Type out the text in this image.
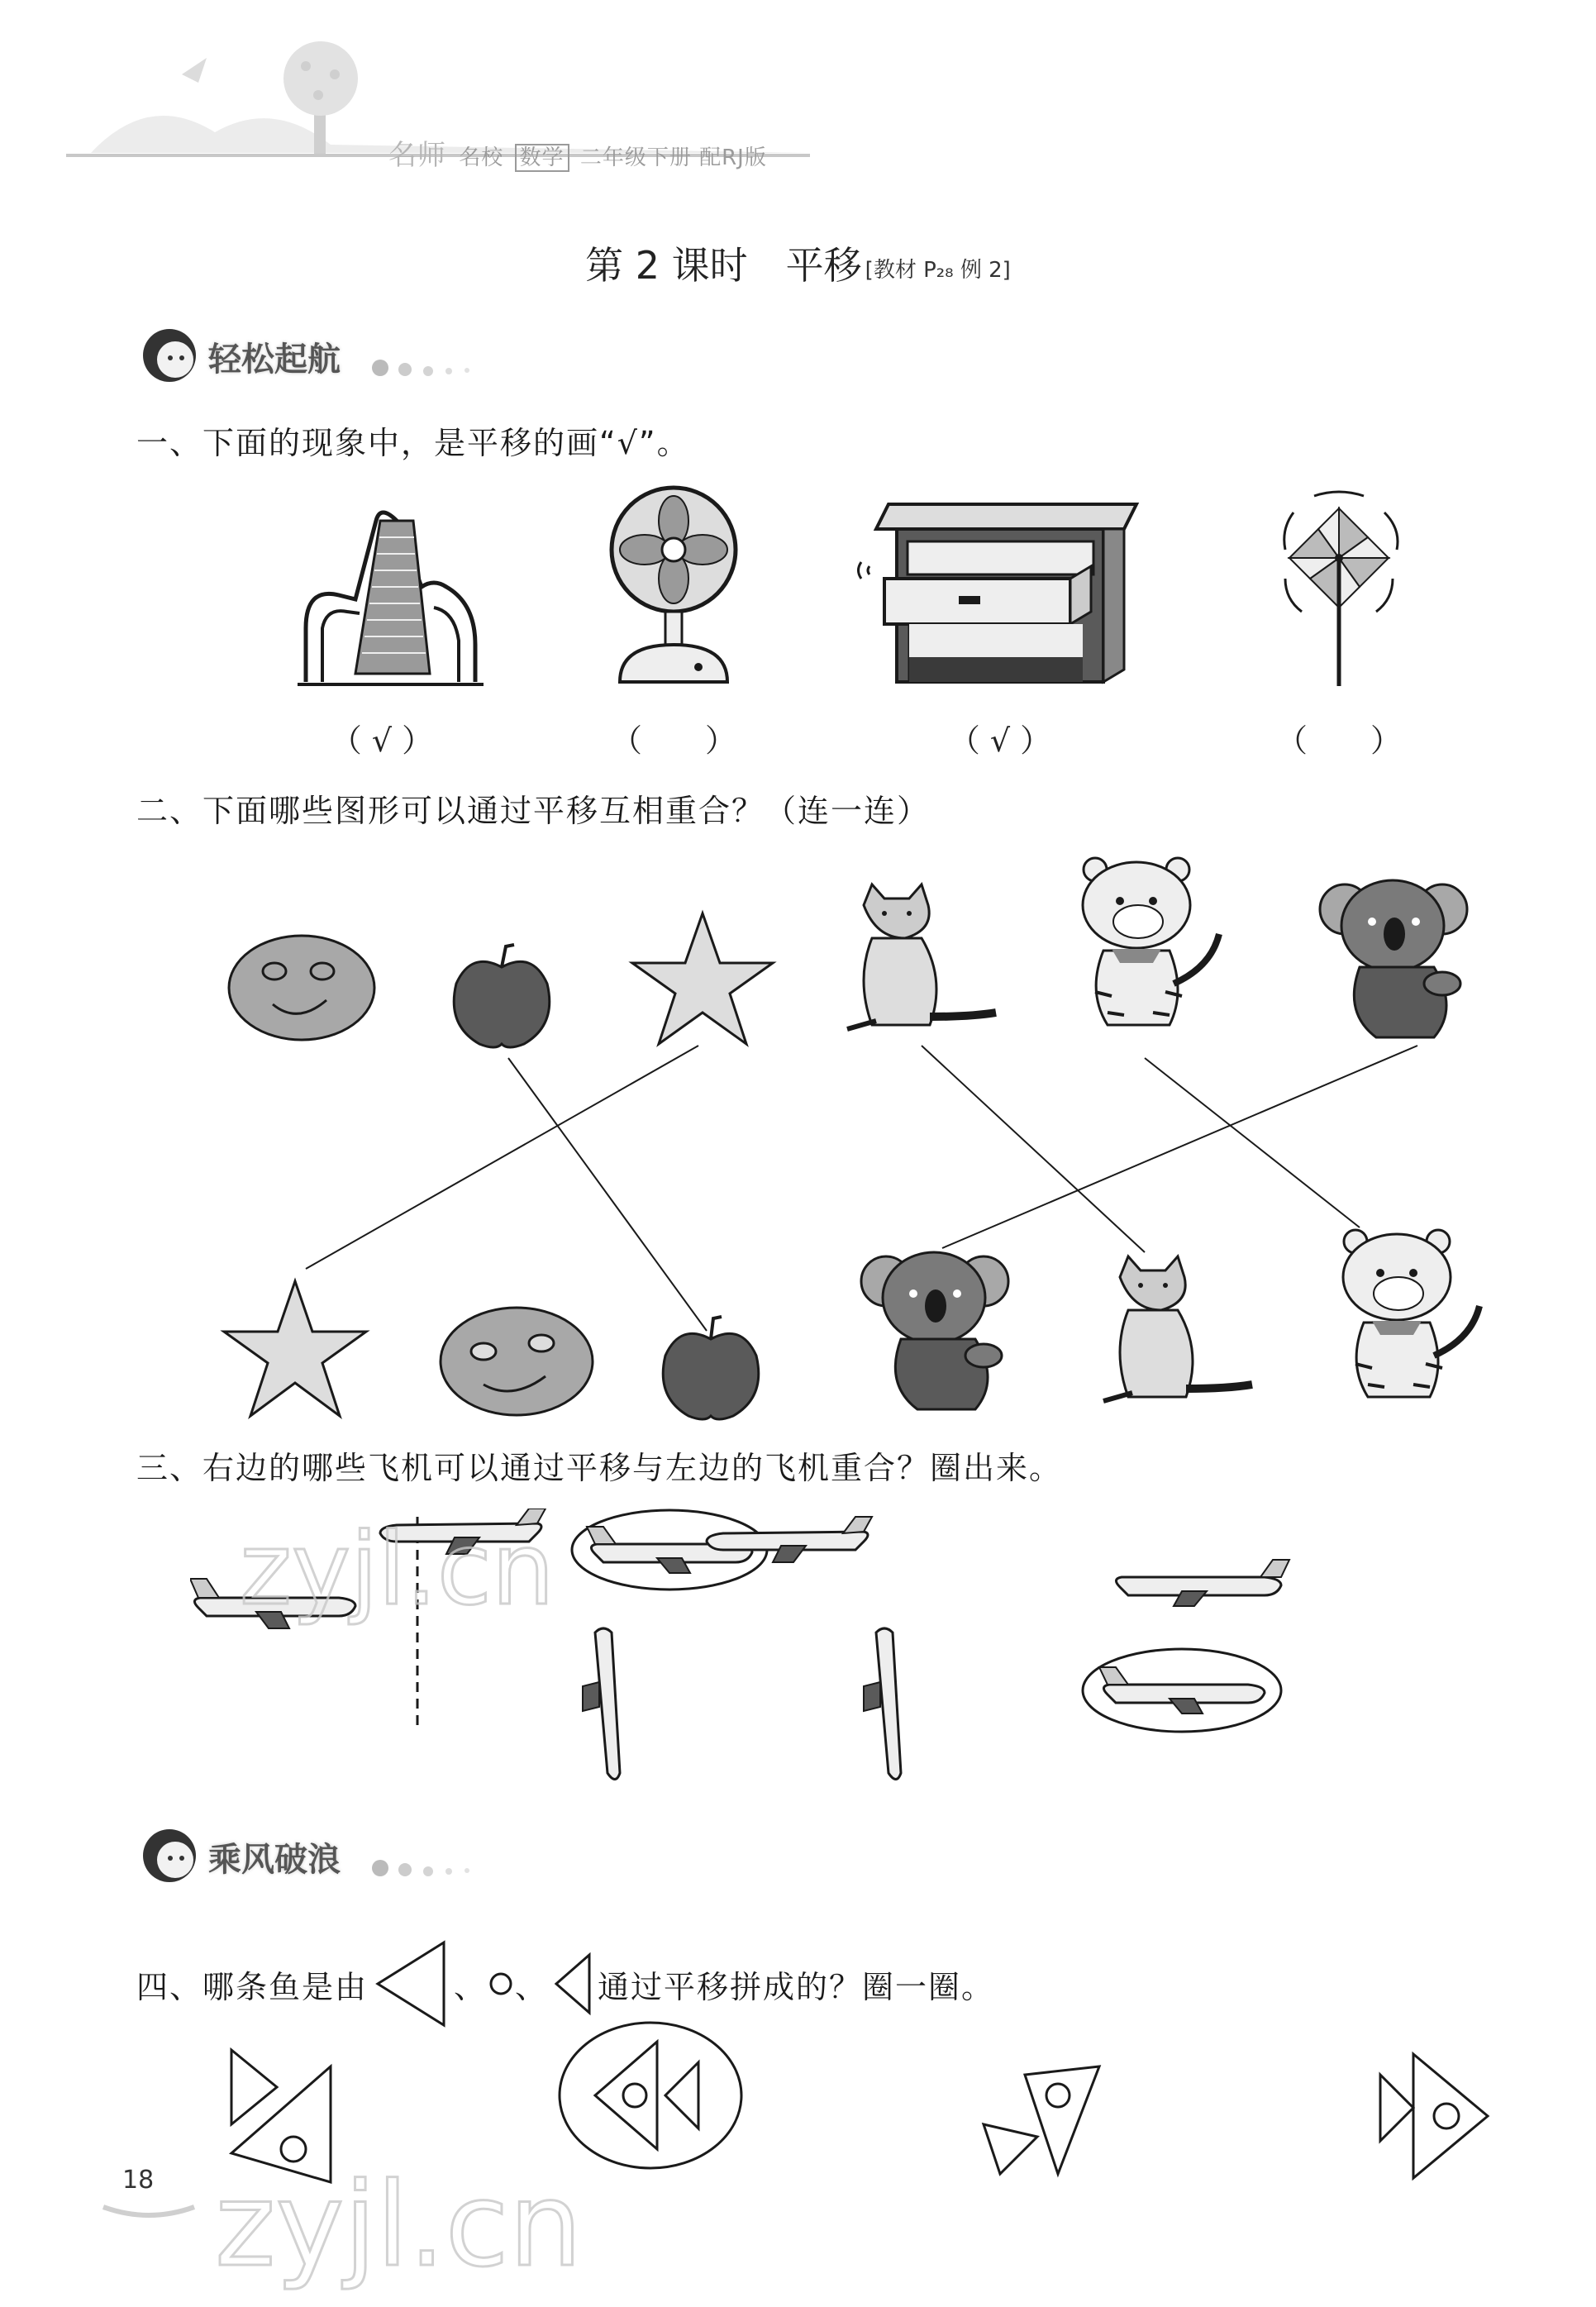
名师 名校 数学 二年级下册 配RJ版
第 2 课时　平移 [教材 P₂₈ 例 2]
轻松起航
一、下面的现象中，是平移的画“√”。
（ √ ）	（　　）	（ √ ）	（　　）
二、下面哪些图形可以通过平移互相重合？（连一连）
三、右边的哪些飞机可以通过平移与左边的飞机重合？圈出来。
乘风破浪
四、哪条鱼是由	、 、 通过平移拼成的？圈一圈。
18
zyjl.cn
zyjl.cn
